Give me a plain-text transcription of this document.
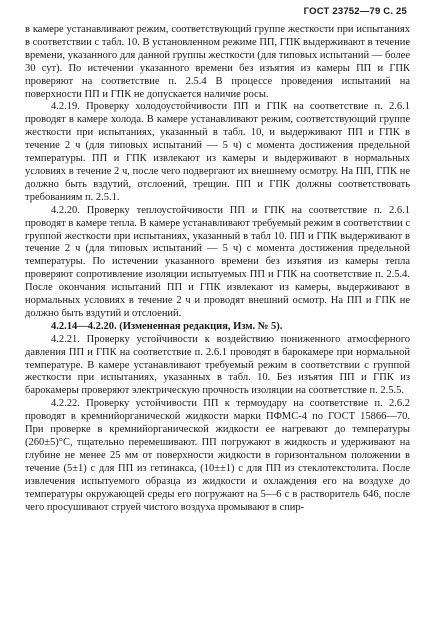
ГОСТ 23752—79 С. 25

в камере устанавливают режим, соответствующий группе жесткости при испытаниях в соответствии с табл. 10. В установленном режиме ПП, ГПК выдерживают в течение времени, указанного для данной группы жесткости (для типовых испытаний — более 30 сут). По истечении указанного времени без изъятия из камеры ПП и ГПК проверяют на соответствие п. 2.5.4 В процессе проведения испытаний на поверхности ПП и ГПК не допускается наличие росы.

4.2.19. Проверку холодоустойчивости ПП и ГПК на соответствие п. 2.6.1 проводят в камере холода. В камере устанавливают режим, соответствующий группе жесткости при испытаниях, указанный в табл. 10, и выдерживают ПП и ГПК в течение 2 ч (для типовых испытаний — 5 ч) с момента достижения предельной температуры. ПП и ГПК извлекают из камеры и выдерживают в нормальных условиях в течение 2 ч, после чего подвергают их внешнему осмотру. На ПП, ГПК не должно быть вздутий, отслоений, трещин. ПП и ГПК должны соответствовать требованиям п. 2.5.1.

4.2.20. Проверку теплоустойчивости ПП и ГПК на соответствие п. 2.6.1 проводят в камере тепла. В камере устанавливают требуемый режим в соответствии с группой жесткости при испытаниях, указанный в табл 10. ПП и ГПК выдерживают в течение 2 ч (для типовых испытаний — 5 ч) с момента достижения предельной температуры. По истечении указанного времени без изъятия из камеры тепла проверяют сопротивление изоляции испытуемых ПП и ГПК на соответствие п. 2.5.4. После окончания испытаний ПП и ГПК извлекают из камеры, выдерживают в нормальных условиях в течение 2 ч и проводят внешний осмотр. На ПП и ГПК не должно быть вздутий и отслоений.

4.2.14—4.2.20. (Измененная редакция, Изм. № 5).

4.2.21. Проверку устойчивости к воздействию пониженного атмосферного давления ПП и ГПК на соответствие п. 2.6.1 проводят в барокамере при нормальной температуре. В камере устанавливают требуемый режим в соответствии с группой жесткости при испытаниях, указанных в табл. 10. Без изъятия ПП и ГПК из барокамеры проверяют электрическую прочность изоляции на соответствие п. 2.5.5.

4.2.22. Проверку устойчивости ПП к термоудару на соответствие п. 2.6.2 проводят в кремнийорганической жидкости марки ПФМС-4 по ГОСТ 15866—70. При проверке в кремнийорганической жидкости ее нагревают до температуры (260±5)°С, тщательно перемешивают. ПП погружают в жидкость и удерживают на глубине не менее 25 мм от поверхности жидкости в горизонтальном положении в течение (5±1) с для ПП из гетинакса, (10±±1) с для ПП из стеклотекстолита. После извлечения испытуемого образца из жидкости и охлаждения его на воздухе до температуры окружающей среды его погружают на 5—6 с в растворитель 646, после чего просушивают струей чистого воздуха промывают в спир-
